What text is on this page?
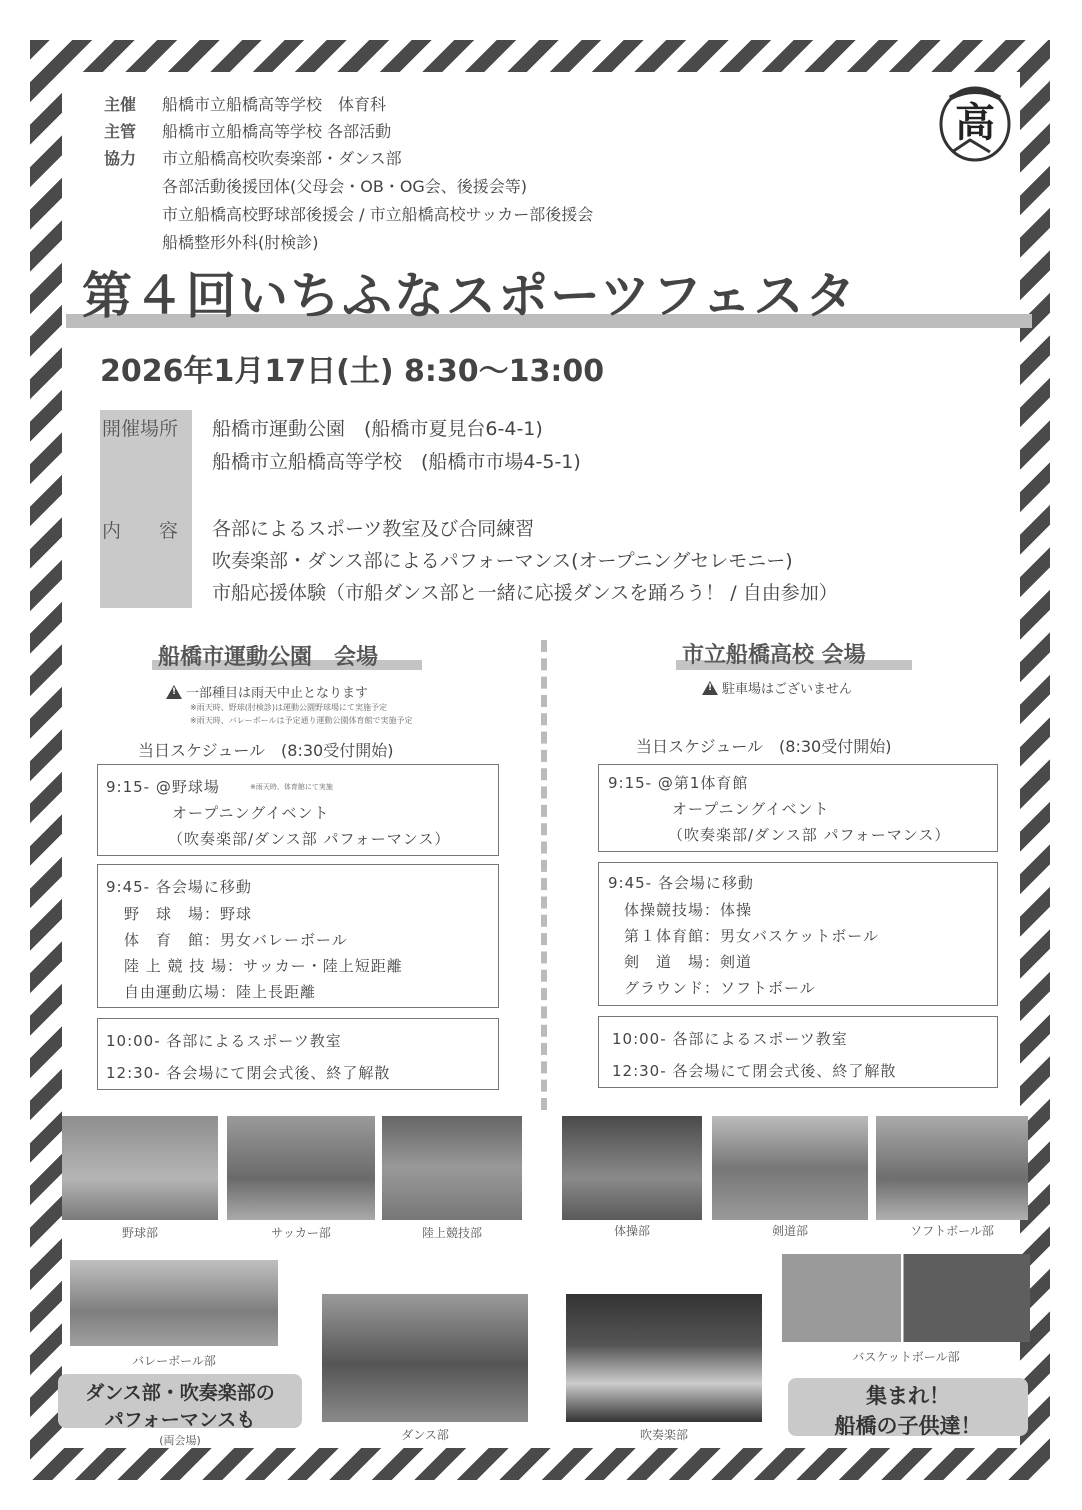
主催 船橋市立船橋高等学校　体育科
主管 船橋市立船橋高等学校 各部活動
協力 市立船橋高校吹奏楽部・ダンス部
各部活動後援団体(父母会・OB・OG会、後援会等)
市立船橋高校野球部後援会 / 市立船橋高校サッカー部後援会
船橋整形外科(肘検診)
高
第４回いちふなスポーツフェスタ
2026年1月17日(土) 8:30〜13:00
開催場所 船橋市運動公園　(船橋市夏見台6-4-1)
船橋市立船橋高等学校　(船橋市市場4-5-1)
内　　容 各部によるスポーツ教室及び合同練習
吹奏楽部・ダンス部によるパフォーマンス(オープニングセレモニー)
市船応援体験（市船ダンス部と一緒に応援ダンスを踊ろう！ / 自由参加）
船橋市運動公園　会場
!一部種目は雨天中止となります
※雨天時、野球(肘検診)は運動公園野球場にて実施予定
※雨天時、バレーボールは予定通り運動公園体育館で実施予定
当日スケジュール　(8:30受付開始)
9:15- @野球場	※雨天時、体育館にて実施
オープニングイベント
（吹奏楽部/ダンス部 パフォーマンス）
9:45- 各会場に移動
野　球　場：野球
体　育　館：男女バレーボール
陸 上 競 技 場：サッカー・陸上短距離
自由運動広場：陸上長距離
10:00- 各部によるスポーツ教室
12:30- 各会場にて閉会式後、終了解散
市立船橋高校 会場
!駐車場はございません
当日スケジュール　(8:30受付開始)
9:15- @第1体育館
オープニングイベント
（吹奏楽部/ダンス部 パフォーマンス）
9:45- 各会場に移動
体操競技場：体操
第１体育館：男女バスケットボール
剣　道　場：剣道
グラウンド：ソフトボール
10:00- 各部によるスポーツ教室
12:30- 各会場にて閉会式後、終了解散
野球部	サッカー部	陸上競技部	体操部	剣道部	ソフトボール部
バレーボール部
ダンス部	吹奏楽部
バスケットボール部
ダンス部・吹奏楽部の
パフォーマンスも
(両会場)
集まれ！
船橋の子供達！
